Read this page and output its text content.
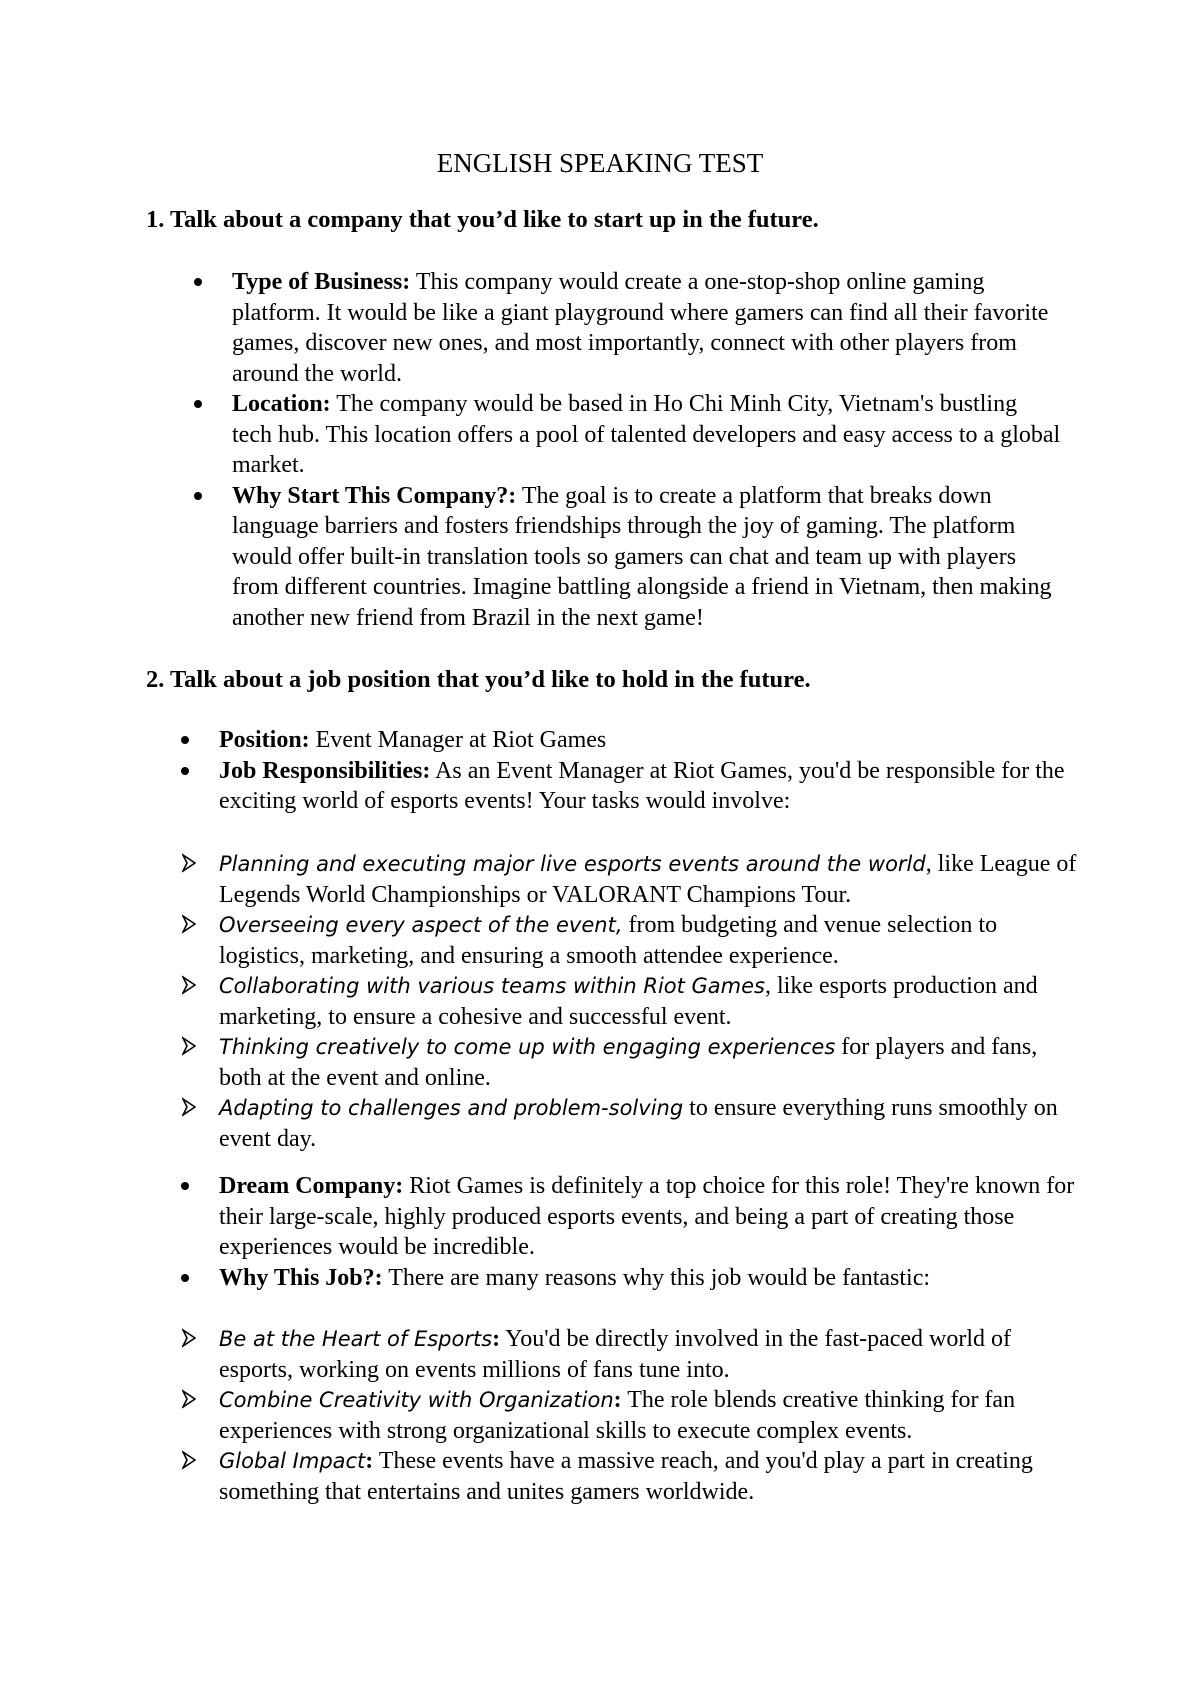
ENGLISH SPEAKING TEST
1. Talk about a company that you’d like to start up in the future.
Type of Business: This company would create a one-stop-shop online gaming platform. It would be like a giant playground where gamers can find all their favorite games, discover new ones, and most importantly, connect with other players from around the world.
Location: The company would be based in Ho Chi Minh City, Vietnam's bustling tech hub. This location offers a pool of talented developers and easy access to a global market.
Why Start This Company?: The goal is to create a platform that breaks down language barriers and fosters friendships through the joy of gaming. The platform would offer built-in translation tools so gamers can chat and team up with players from different countries. Imagine battling alongside a friend in Vietnam, then making another new friend from Brazil in the next game!
2. Talk about a job position that you’d like to hold in the future.
Position: Event Manager at Riot Games
Job Responsibilities: As an Event Manager at Riot Games, you'd be responsible for the exciting world of esports events! Your tasks would involve:
Planning and executing major live esports events around the world, like League of Legends World Championships or VALORANT Champions Tour.
Overseeing every aspect of the event, from budgeting and venue selection to logistics, marketing, and ensuring a smooth attendee experience.
Collaborating with various teams within Riot Games, like esports production and marketing, to ensure a cohesive and successful event.
Thinking creatively to come up with engaging experiences for players and fans, both at the event and online.
Adapting to challenges and problem-solving to ensure everything runs smoothly on event day.
Dream Company: Riot Games is definitely a top choice for this role! They're known for their large-scale, highly produced esports events, and being a part of creating those experiences would be incredible.
Why This Job?: There are many reasons why this job would be fantastic:
Be at the Heart of Esports: You'd be directly involved in the fast-paced world of esports, working on events millions of fans tune into.
Combine Creativity with Organization: The role blends creative thinking for fan experiences with strong organizational skills to execute complex events.
Global Impact: These events have a massive reach, and you'd play a part in creating something that entertains and unites gamers worldwide.
